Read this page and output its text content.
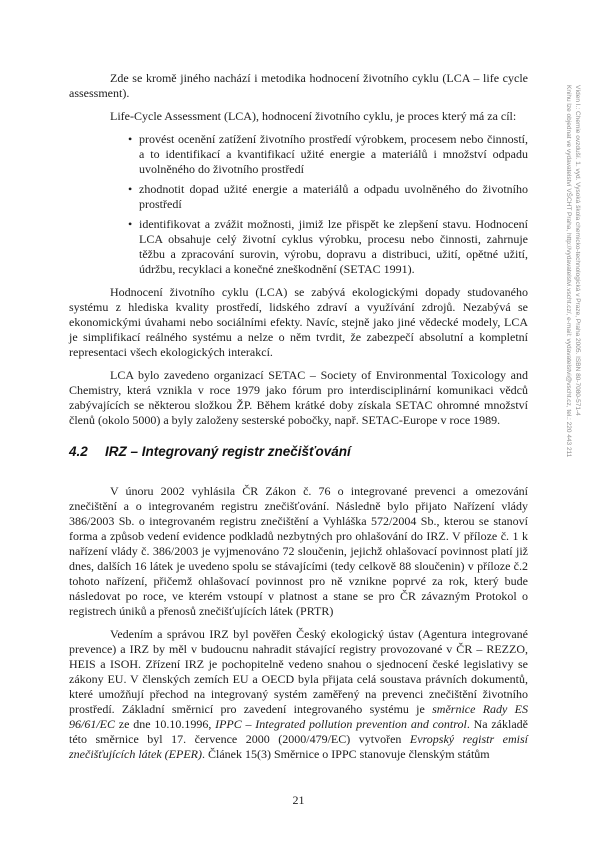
Víden I.: Chemie ovzduší. 1. vyd. Vysoká škola chemicko-technologická v Praze, Praha 2005. ISBN 80-7080-571-4
Knihu lze objednat ve vydavatelství VŠCHT Praha, http://vydavatelstvi.vscht.cz/, e-mail: vydavatelstvi@vscht.cz, tel.: 220 443 211

Zde se kromě jiného nachází i metodika hodnocení životního cyklu (LCA – life cycle assessment).

Life-Cycle Assessment (LCA), hodnocení životního cyklu, je proces který má za cíl:

• provést ocenění zatížení životního prostředí výrobkem, procesem nebo činností, a to identifikací a kvantifikací užité energie a materiálů i množství odpadu uvolněného do životního prostředí
• zhodnotit dopad užité energie a materiálů a odpadu uvolněného do životního prostředí
• identifikovat a zvážit možnosti, jimiž lze přispět ke zlepšení stavu. Hodnocení LCA obsahuje celý životní cyklus výrobku, procesu nebo činnosti, zahrnuje těžbu a zpracování surovin, výrobu, dopravu a distribuci, užití, opětné užití, údržbu, recyklaci a konečné zneškodnění (SETAC 1991).

Hodnocení životního cyklu (LCA) se zabývá ekologickými dopady studovaného systému z hlediska kvality prostředí, lidského zdraví a využívání zdrojů. Nezabývá se ekonomickými úvahami nebo sociálními efekty. Navíc, stejně jako jiné vědecké modely, LCA je simplifikací reálného systému a nelze o něm tvrdit, že zabezpečí absolutní a kompletní representaci všech ekologických interakcí.

LCA bylo zavedeno organizací SETAC – Society of Environmental Toxicology and Chemistry, která vznikla v roce 1979 jako fórum pro interdisciplinární komunikaci vědců zabývajících se některou složkou ŽP. Během krátké doby získala SETAC ohromné množství členů (okolo 5000) a byly založeny sesterské pobočky, např. SETAC-Europe v roce 1989.

4.2 IRZ – Integrovaný registr znečišťování

V únoru 2002 vyhlásila ČR Zákon č. 76 o integrované prevenci a omezování znečištění a o integrovaném registru znečišťování. Následně bylo přijato Nařízení vlády 386/2003 Sb. o integrovaném registru znečištění a Vyhláška 572/2004 Sb., kterou se stanoví forma a způsob vedení evidence podkladů nezbytných pro ohlašování do IRZ. V příloze č. 1 k nařízení vlády č. 386/2003 je vyjmenováno 72 sloučenin, jejichž ohlašovací povinnost platí již dnes, dalších 16 látek je uvedeno spolu se stávajícími (tedy celkově 88 sloučenin) v příloze č.2 tohoto nařízení, přičemž ohlašovací povinnost pro ně vznikne poprvé za rok, který bude následovat po roce, ve kterém vstoupí v platnost a stane se pro ČR závazným Protokol o registrech úniků a přenosů znečišťujících látek (PRTR)

Vedením a správou IRZ byl pověřen Český ekologický ústav (Agentura integrované prevence) a IRZ by měl v budoucnu nahradit stávající registry provozované v ČR – REZZO, HEIS a ISOH. Zřízení IRZ je pochopitelně vedeno snahou o sjednocení české legislativy se zákony EU. V členských zemích EU a OECD byla přijata celá soustava právních dokumentů, které umožňují přechod na integrovaný systém zaměřený na prevenci znečištění životního prostředí. Základní směrnicí pro zavedení integrovaného systému je směrnice Rady ES 96/61/EC ze dne 10.10.1996, IPPC – Integrated pollution prevention and control. Na základě této směrnice byl 17. července 2000 (2000/479/EC) vytvořen Evropský registr emisí znečišťujících látek (EPER). Článek 15(3) Směrnice o IPPC stanovuje členským státům

21
